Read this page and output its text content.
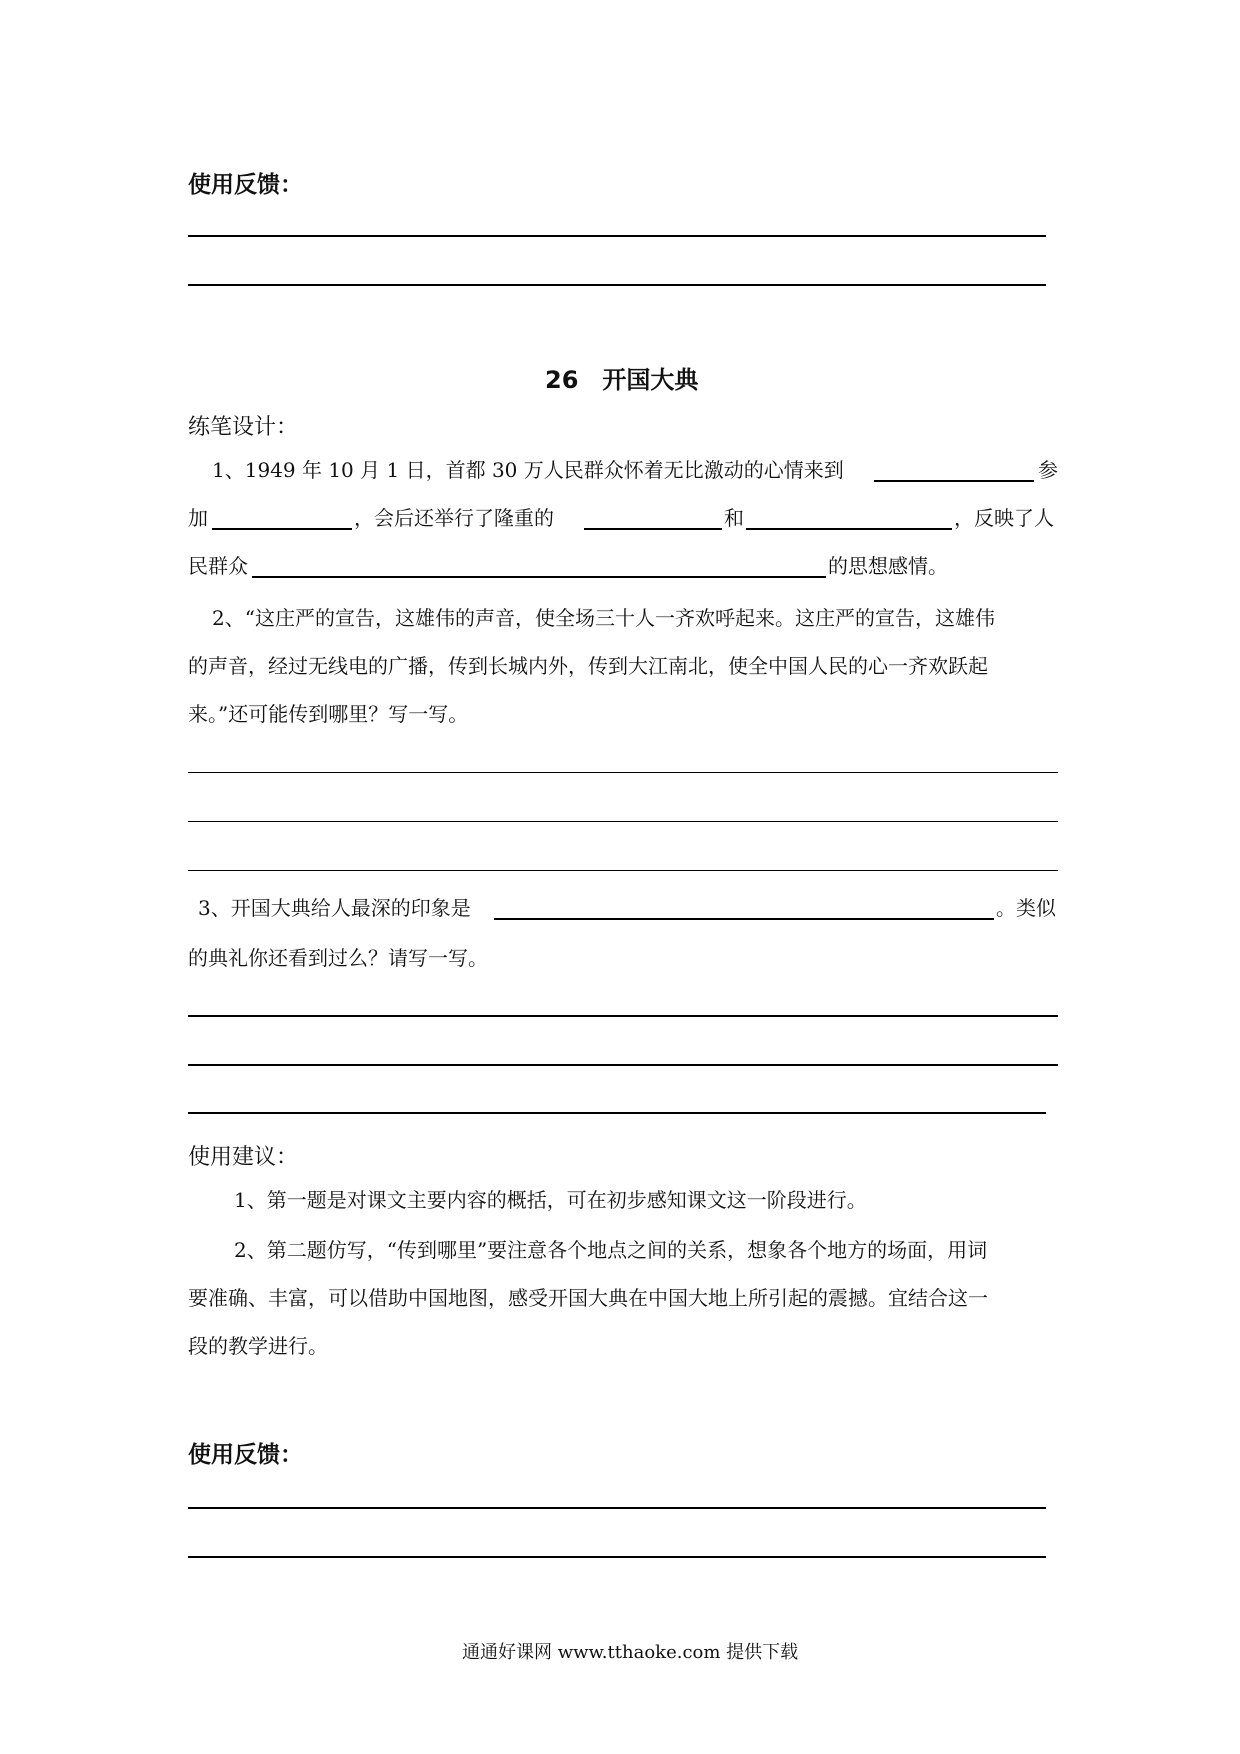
使用反馈：
26　开国大典
练笔设计：
1、1949 年 10 月 1 日，首都 30 万人民群众怀着无比激动的心情来到	参
加	，会后还举行了隆重的	和	，反映了人
民群众	的思想感情。
2、“这庄严的宣告，这雄伟的声音，使全场三十人一齐欢呼起来。这庄严的宣告，这雄伟
的声音，经过无线电的广播，传到长城内外，传到大江南北，使全中国人民的心一齐欢跃起
来。”还可能传到哪里？写一写。
3、开国大典给人最深的印象是	。类似
的典礼你还看到过么？请写一写。
使用建议：
1、第一题是对课文主要内容的概括，可在初步感知课文这一阶段进行。
2、第二题仿写，“传到哪里”要注意各个地点之间的关系，想象各个地方的场面，用词
要准确、丰富，可以借助中国地图，感受开国大典在中国大地上所引起的震撼。宜结合这一
段的教学进行。
使用反馈：
通通好课网 www.tthaoke.com 提供下载
